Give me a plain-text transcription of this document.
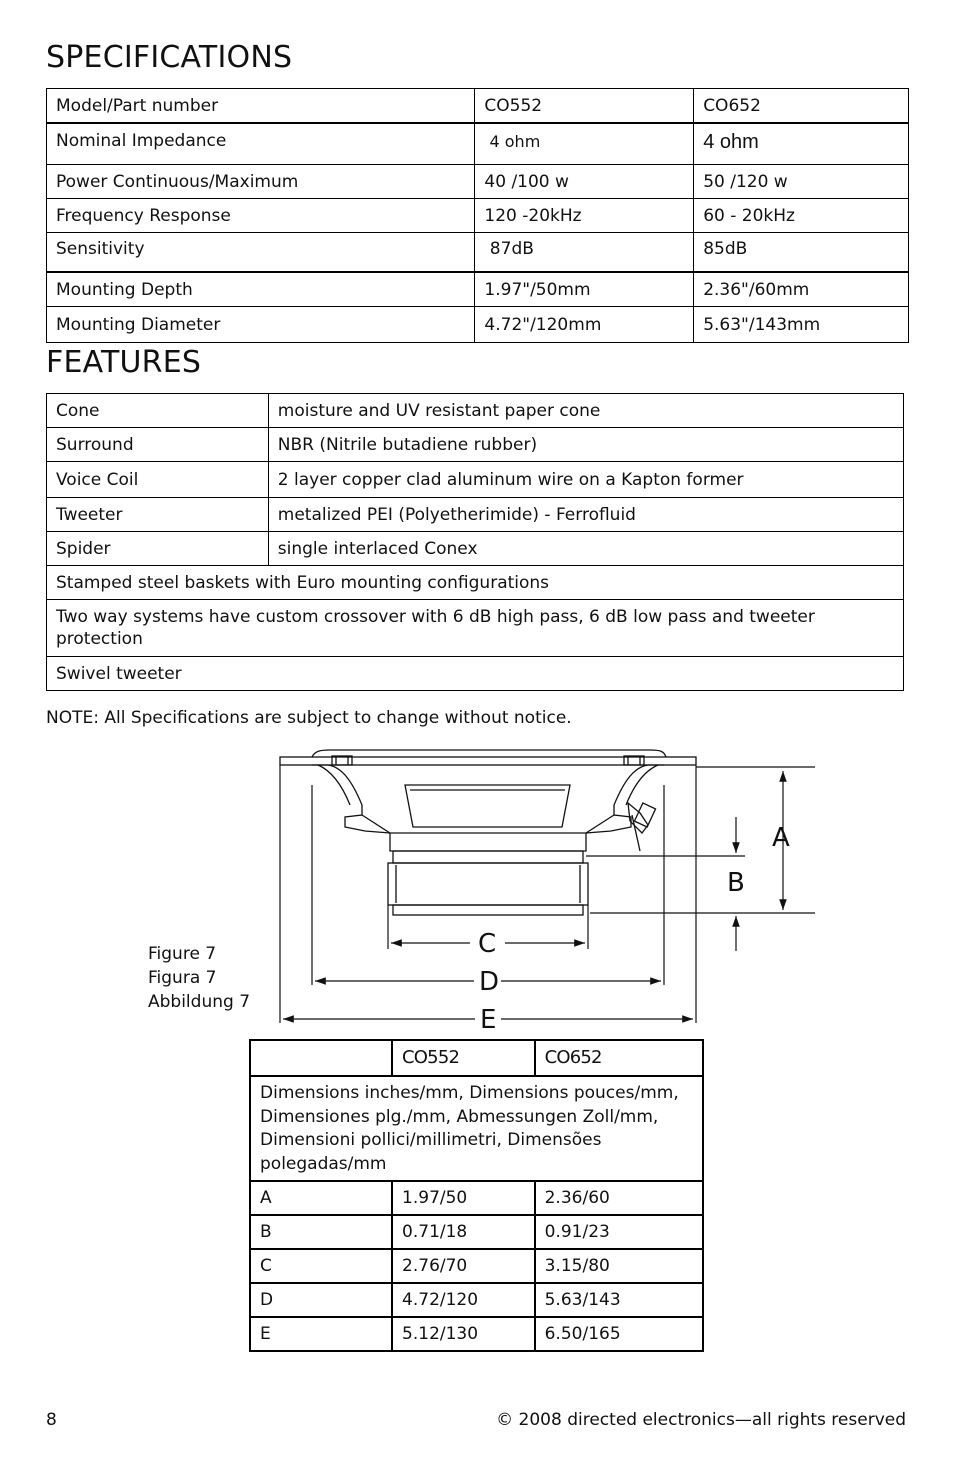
SPECIFICATIONS
Model/Part number	CO552	CO652
Nominal Impedance	4 ohm	4 ohm
Power Continuous/Maximum	40 /100 w	50 /120 w
Frequency Response	120 -20kHz	60 - 20kHz
Sensitivity	87dB	85dB
Mounting Depth	1.97"/50mm	2.36"/60mm
Mounting Diameter	4.72"/120mm	5.63"/143mm
FEATURES
Cone	moisture and UV resistant paper cone
Surround	NBR (Nitrile butadiene rubber)
Voice Coil	2 layer copper clad aluminum wire on a Kapton former
Tweeter	metalized PEI (Polyetherimide) - Ferrofluid
Spider	single interlaced Conex
Stamped steel baskets with Euro mounting configurations	
Two way systems have custom crossover with 6 dB high pass, 6 dB low pass and tweeter protection	
Swivel tweeter	
NOTE: All Specifications are subject to change without notice.
Figure 7
Figura 7
Abbildung 7
A
B
C
D
E
	CO552	CO652
Dimensions inches/mm, Dimensions pouces/mm, Dimensiones plg./mm, Abmessungen Zoll/mm, Dimensioni pollici/millimetri, Dimensões polegadas/mm		
A	1.97/50	2.36/60
B	0.71/18	0.91/23
C	2.76/70	3.15/80
D	4.72/120	5.63/143
E	5.12/130	6.50/165
8	© 2008 directed electronics—all rights reserved
